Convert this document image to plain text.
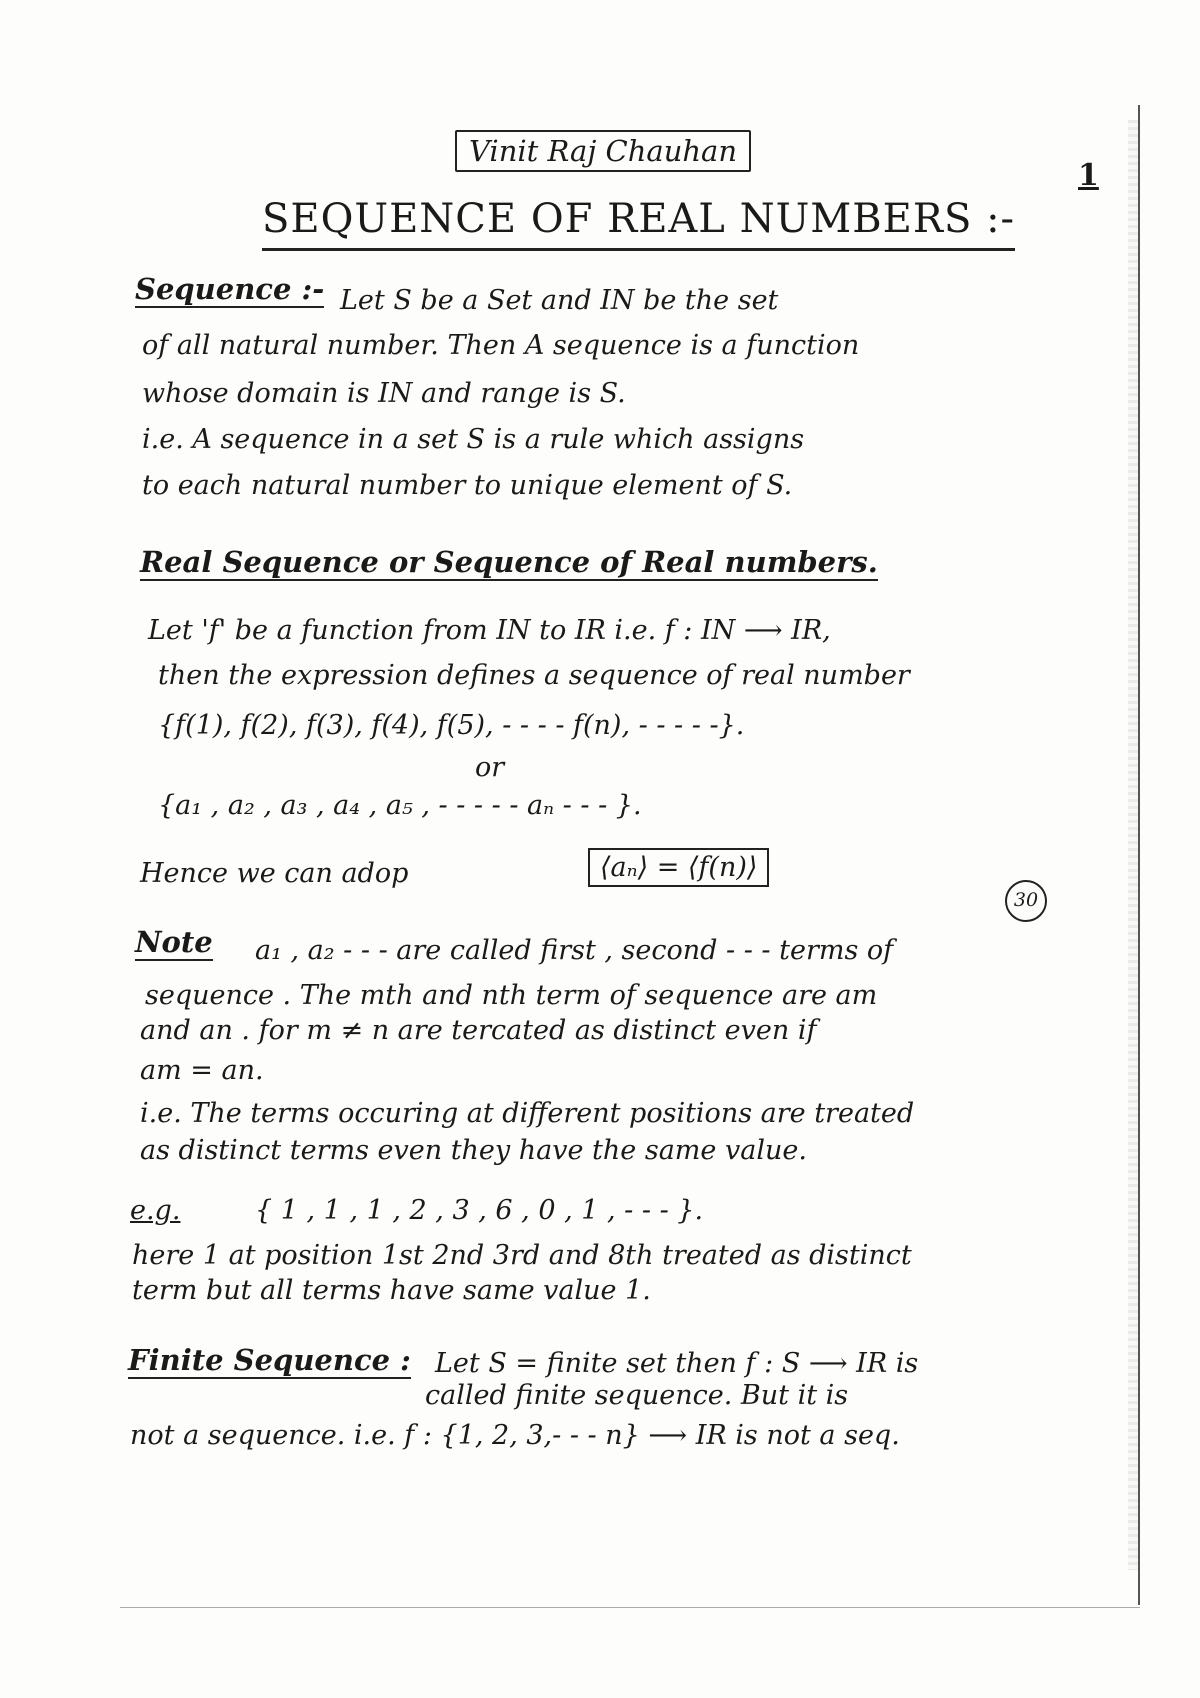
Vinit Raj Chauhan
1
SEQUENCE OF REAL NUMBERS :-
Sequence :- Let S be a Set and IN be the set
of all natural number. Then A sequence is a function
whose domain is IN and range is S.
i.e. A sequence in a set S is a rule which assigns
to each natural number to unique element of S.
Real Sequence or Sequence of Real numbers.
Let 'f' be a function from IN to IR i.e. f : IN ⟶ IR,
then the expression defines a sequence of real number
{f(1), f(2), f(3), f(4), f(5), - - - - f(n), - - - - -}.
or
{a₁ , a₂ , a₃ , a₄ , a₅ , - - - - - aₙ - - - }.
30
Hence we can adop	⟨aₙ⟩ = ⟨f(n)⟩
Note a₁ , a₂ - - - are called first , second - - - terms of
sequence . The mth and nth term of sequence are am
and an . for m ≠ n are tercated as distinct even if
am = an.
i.e. The terms occuring at different positions are treated
as distinct terms even they have the same value.
e.g.	{ 1 , 1 , 1 , 2 , 3 , 6 , 0 , 1 , - - - }.
here 1 at position 1st 2nd 3rd and 8th treated as distinct
term but all terms have same value 1.
Finite Sequence : Let S = finite set then f : S ⟶ IR is
called finite sequence. But it is
not a sequence. i.e. f : {1, 2, 3,- - - n} ⟶ IR is not a seq.
